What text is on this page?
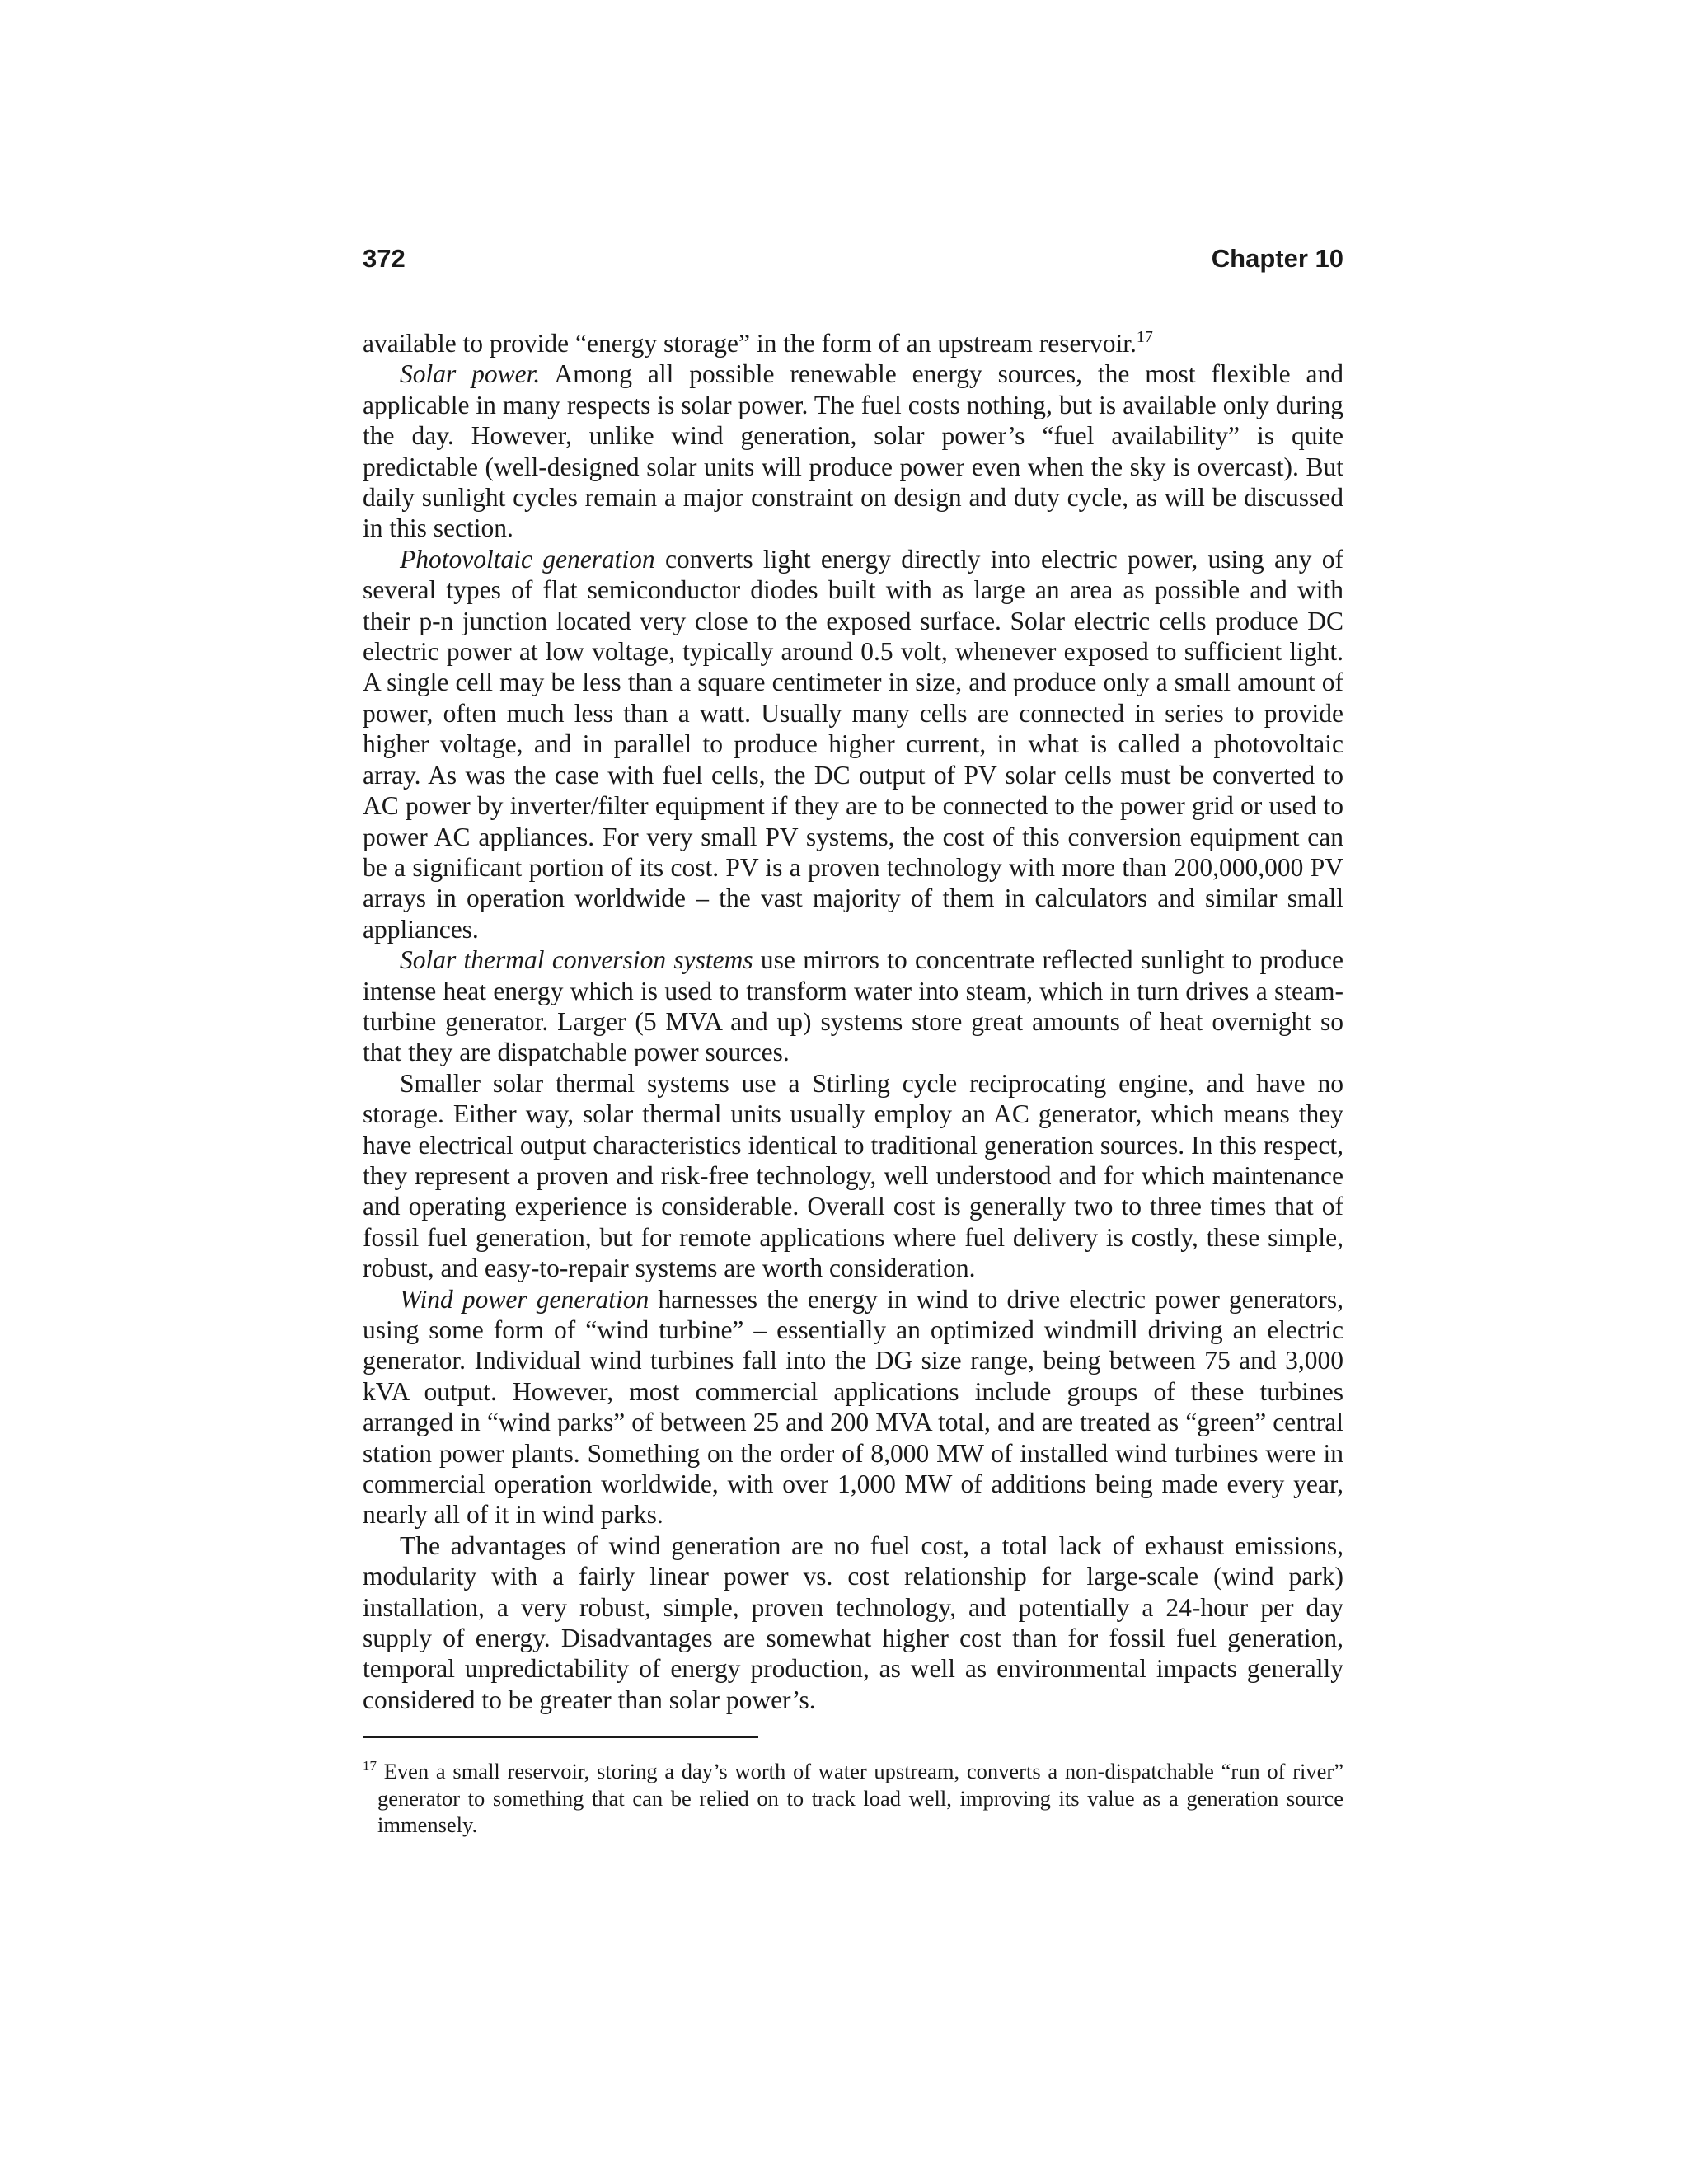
372	Chapter 10

available to provide “energy storage” in the form of an upstream reservoir.$^{17}$

Solar power. Among all possible renewable energy sources, the most flexible and applicable in many respects is solar power. The fuel costs nothing, but is available only during the day. However, unlike wind generation, solar power’s “fuel availability” is quite predictable (well-designed solar units will produce power even when the sky is overcast). But daily sunlight cycles remain a major constraint on design and duty cycle, as will be discussed in this section.

Photovoltaic generation converts light energy directly into electric power, using any of several types of flat semiconductor diodes built with as large an area as possible and with their p-n junction located very close to the exposed surface. Solar electric cells produce DC electric power at low voltage, typically around 0.5 volt, whenever exposed to sufficient light. A single cell may be less than a square centimeter in size, and produce only a small amount of power, often much less than a watt. Usually many cells are connected in series to provide higher voltage, and in parallel to produce higher current, in what is called a photovoltaic array. As was the case with fuel cells, the DC output of PV solar cells must be converted to AC power by inverter/filter equipment if they are to be connected to the power grid or used to power AC appliances. For very small PV systems, the cost of this conversion equipment can be a significant portion of its cost. PV is a proven technology with more than 200,000,000 PV arrays in operation worldwide – the vast majority of them in calculators and similar small appliances.

Solar thermal conversion systems use mirrors to concentrate reflected sunlight to produce intense heat energy which is used to transform water into steam, which in turn drives a steam-turbine generator. Larger (5 MVA and up) systems store great amounts of heat overnight so that they are dispatchable power sources.

Smaller solar thermal systems use a Stirling cycle reciprocating engine, and have no storage. Either way, solar thermal units usually employ an AC generator, which means they have electrical output characteristics identical to traditional generation sources. In this respect, they represent a proven and risk-free technology, well understood and for which maintenance and operating experience is considerable. Overall cost is generally two to three times that of fossil fuel generation, but for remote applications where fuel delivery is costly, these simple, robust, and easy-to-repair systems are worth consideration.

Wind power generation harnesses the energy in wind to drive electric power generators, using some form of “wind turbine” – essentially an optimized windmill driving an electric generator. Individual wind turbines fall into the DG size range, being between 75 and 3,000 kVA output. However, most commercial applications include groups of these turbines arranged in “wind parks” of between 25 and 200 MVA total, and are treated as “green” central station power plants. Something on the order of 8,000 MW of installed wind turbines were in commercial operation worldwide, with over 1,000 MW of additions being made every year, nearly all of it in wind parks.

The advantages of wind generation are no fuel cost, a total lack of exhaust emissions, modularity with a fairly linear power vs. cost relationship for large-scale (wind park) installation, a very robust, simple, proven technology, and potentially a 24-hour per day supply of energy. Disadvantages are somewhat higher cost than for fossil fuel generation, temporal unpredictability of energy production, as well as environmental impacts generally considered to be greater than solar power’s.

$^{17}$ Even a small reservoir, storing a day’s worth of water upstream, converts a non-dispatchable “run of river” generator to something that can be relied on to track load well, improving its value as a generation source immensely.
